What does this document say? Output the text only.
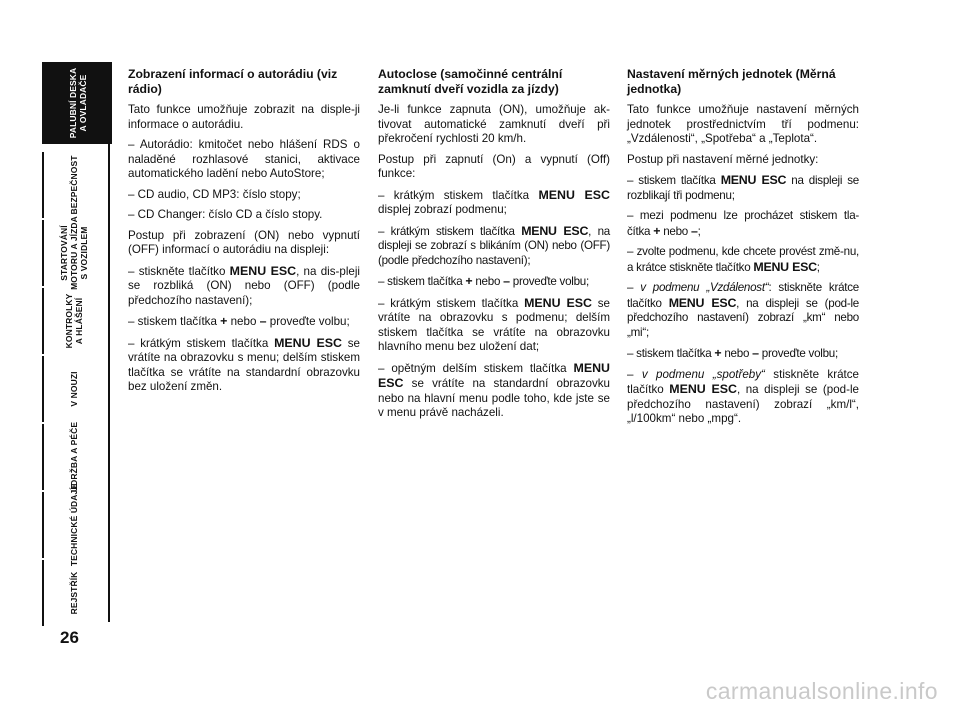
PALUBNÍ DESKA
A OVLADAČE
BEZPEČNOST
STARTOVÁNÍ
MOTORU A JÍZDA
S VOZIDLEM
KONTROLKY
A HLÁŠENÍ
V NOUZI
ÚDRŽBA A PÉČE
TECHNICKÉ ÚDAJE
REJSTŘÍK
26
Zobrazení informací o autorádiu (viz rádio)

Tato funkce umožňuje zobrazit na disple-ji informace o autorádiu.

– Autorádio: kmitočet nebo hlášení RDS o naladěné rozhlasové stanici, aktivace automatického ladění nebo AutoStore;

– CD audio, CD MP3: číslo stopy;

– CD Changer: číslo CD a číslo stopy.

Postup při zobrazení (ON) nebo vypnutí (OFF) informací o autorádiu na displeji:

– stiskněte tlačítko MENU ESC, na dis-pleji se rozbliká (ON) nebo (OFF) (podle předchozího nastavení);

– stiskem tlačítka + nebo – proveďte volbu;

– krátkým stiskem tlačítka MENU ESC se vrátíte na obrazovku s menu; delším stiskem tlačítka se vrátíte na standardní obrazovku bez uložení změn.

Autoclose (samočinné centrální zamknutí dveří vozidla za jízdy)

Je-li funkce zapnuta (ON), umožňuje ak-tivovat automatické zamknutí dveří při překročení rychlosti 20 km/h.

Postup při zapnutí (On) a vypnutí (Off) funkce:

– krátkým stiskem tlačítka MENU ESC displej zobrazí podmenu;

– krátkým stiskem tlačítka MENU ESC, na displeji se zobrazí s blikáním (ON) nebo (OFF) (podle předchozího nastavení);

– stiskem tlačítka + nebo – proveďte volbu;

– krátkým stiskem tlačítka MENU ESC se vrátíte na obrazovku s podmenu; delším stiskem tlačítka se vrátíte na obrazovku hlavního menu bez uložení dat;

– opětným delším stiskem tlačítka MENU ESC se vrátíte na standardní obrazovku nebo na hlavní menu podle toho, kde jste se v menu právě nacházeli.

Nastavení měrných jednotek (Měrná jednotka)

Tato funkce umožňuje nastavení měrných jednotek prostřednictvím tří podmenu: „Vzdálenosti“, „Spotřeba“ a „Teplota“.

Postup při nastavení měrné jednotky:

– stiskem tlačítka MENU ESC na displeji se rozblikají tři podmenu;

– mezi podmenu lze procházet stiskem tla-čítka + nebo –;

– zvolte podmenu, kde chcete provést změ-nu, a krátce stiskněte tlačítko MENU ESC;

– v podmenu „Vzdálenost“: stiskněte krátce tlačítko MENU ESC, na displeji se (pod-le předchozího nastavení) zobrazí „km“ nebo „mi“;

– stiskem tlačítka + nebo – proveďte volbu;

– v podmenu „spotřeby“ stiskněte krátce tlačítko MENU ESC, na displeji se (pod-le předchozího nastavení) zobrazí „km/l“, „l/100km“ nebo „mpg“.

carmanualsonline.info
